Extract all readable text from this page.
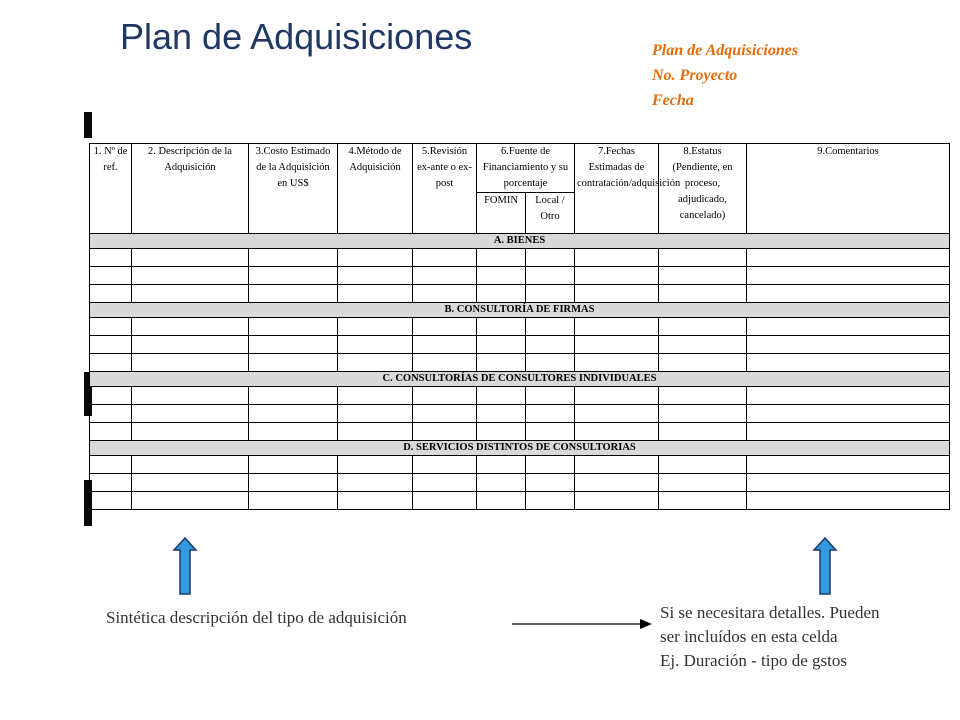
Plan de Adquisiciones	Plan de Adquisiciones
No. Proyecto
Fecha
1. Nº de ref.	2. Descripción de la Adquisición	3.Costo Estimado de la Adquisición en US$	4.Método de Adquisición	5.Revisión ex-ante o ex-post	6.Fuente de Financiamiento y su porcentaje		7.Fechas Estimadas de contratación/adquisición	8.Estatus (Pendiente, en proceso, adjudicado, cancelado)	9.Comentarios
					FOMIN	Local / Otro			
A. BIENES									

B. CONSULTORÍA DE FIRMAS									

C. CONSULTORÍAS DE CONSULTORES INDIVIDUALES									

D. SERVICIOS DISTINTOS DE CONSULTORIAS									

Sintética descripción del tipo de adquisición	Si se necesitara detalles. Pueden
ser incluídos en esta celda
Ej. Duración - tipo de gstos
